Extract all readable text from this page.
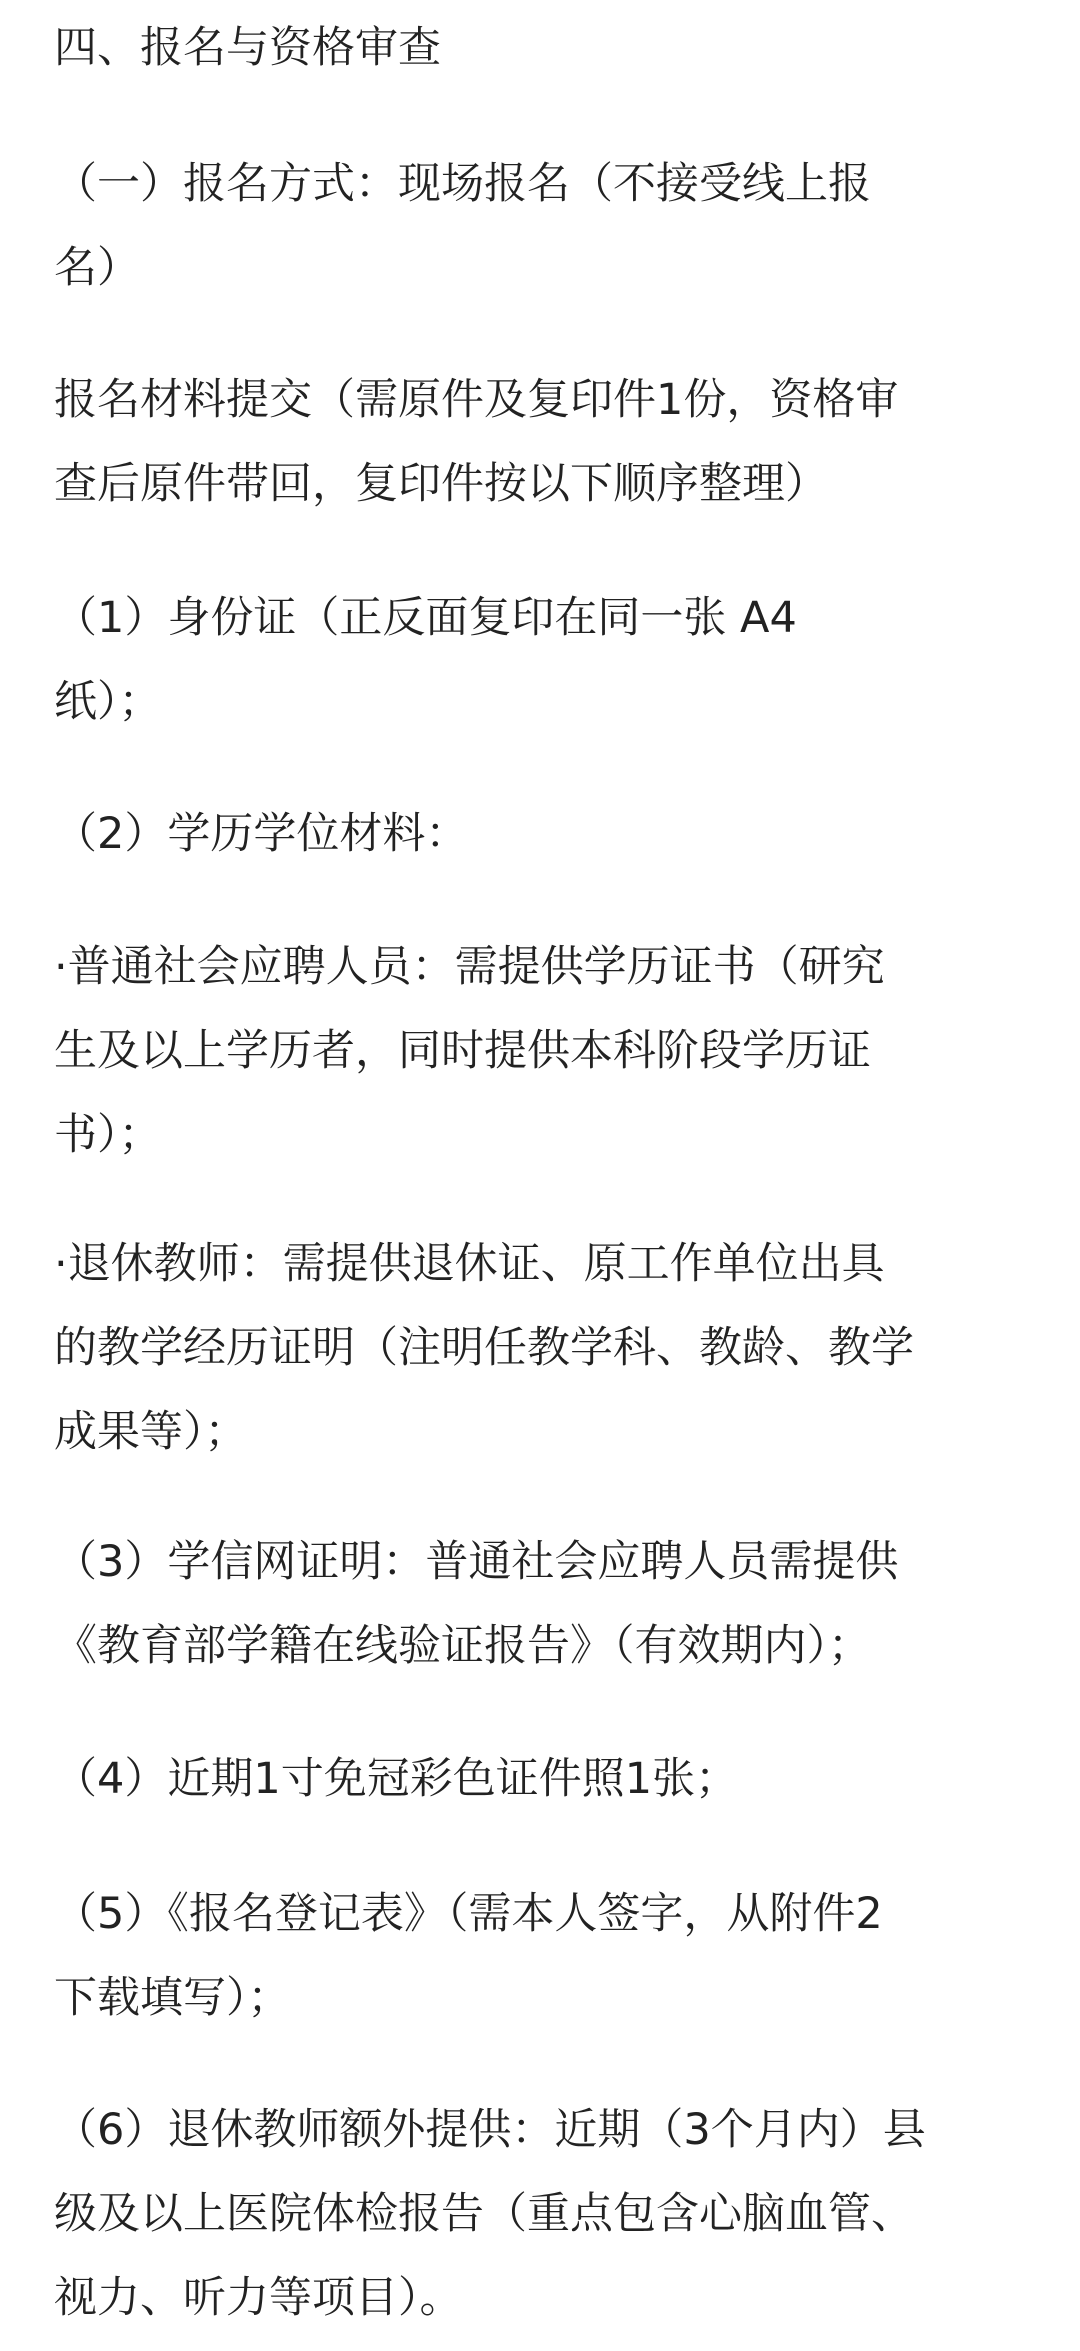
四、报名与资格审查
（一）报名方式：现场报名（不接受线上报
名）
报名材料提交（需原件及复印件1份，资格审
查后原件带回，复印件按以下顺序整理）
（1）身份证（正反面复印在同一张 A4
纸）；
（2）学历学位材料：
·普通社会应聘人员：需提供学历证书（研究
生及以上学历者，同时提供本科阶段学历证
书）；
·退休教师：需提供退休证、原工作单位出具
的教学经历证明（注明任教学科、教龄、教学
成果等）；
（3）学信网证明：普通社会应聘人员需提供
《教育部学籍在线验证报告》（有效期内）；
（4）近期1寸免冠彩色证件照1张；
（5）《报名登记表》（需本人签字，从附件2
下载填写）；
（6）退休教师额外提供：近期（3个月内）县
级及以上医院体检报告（重点包含心脑血管、
视力、听力等项目）。
